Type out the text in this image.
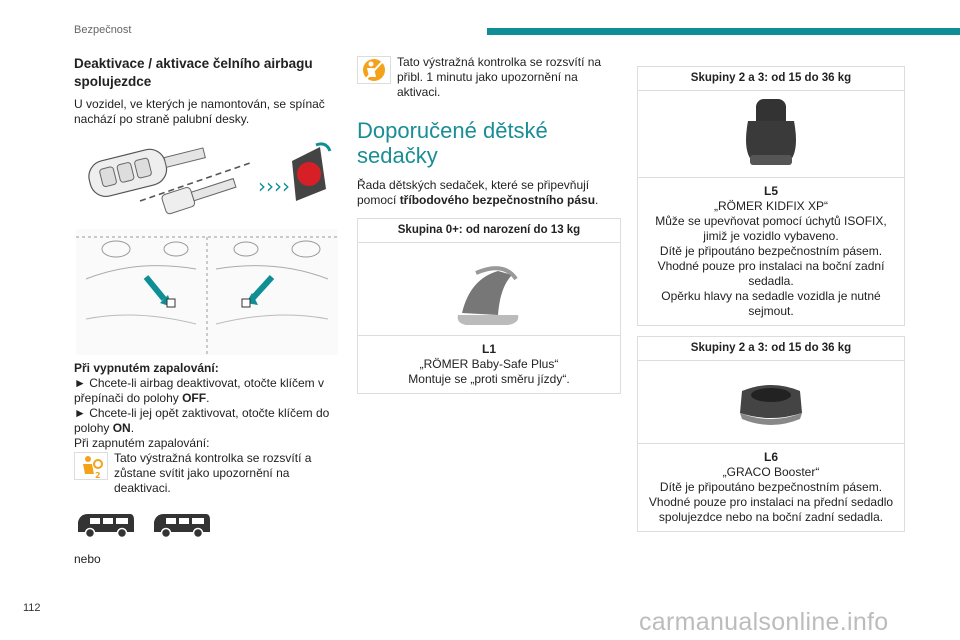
Bezpečnost
Deaktivace / aktivace čelního airbagu spolujezdce

U vozidel, ve kterých je namontován, se spínač nachází po straně palubní desky.

››››

Při vypnutém zapalování:

► Chcete-li airbag deaktivovat, otočte klíčem v přepínači do polohy OFF.

► Chcete-li jej opět zaktivovat, otočte klíčem do polohy ON.

Při zapnutém zapalování:

2

Tato výstražná kontrolka se rozsvítí a zůstane svítit jako upozornění na deaktivaci.

nebo

Tato výstražná kontrolka se rozsvítí na přibl. 1 minutu jako upozornění na aktivaci.

Doporučené dětské sedačky

Řada dětských sedaček, které se připevňují pomocí tříbodového bezpečnostního pásu.

Skupina 0+: od narození do 13 kg
L1
„RÖMER Baby-Safe Plus“
Montuje se „proti směru jízdy“.
Skupiny 2 a 3: od 15 do 36 kg
L5
„RÖMER KIDFIX XP“
Může se upevňovat pomocí úchytů ISOFIX, jimiž je vozidlo vybaveno.
Dítě je připoutáno bezpečnostním pásem.
Vhodné pouze pro instalaci na boční zadní sedadla.
Opěrku hlavy na sedadle vozidla je nutné sejmout.
Skupiny 2 a 3: od 15 do 36 kg
L6
„GRACO Booster“
Dítě je připoutáno bezpečnostním pásem.
Vhodné pouze pro instalaci na přední sedadlo spolujezdce nebo na boční zadní sedadla.
112	carmanualsonline.info
